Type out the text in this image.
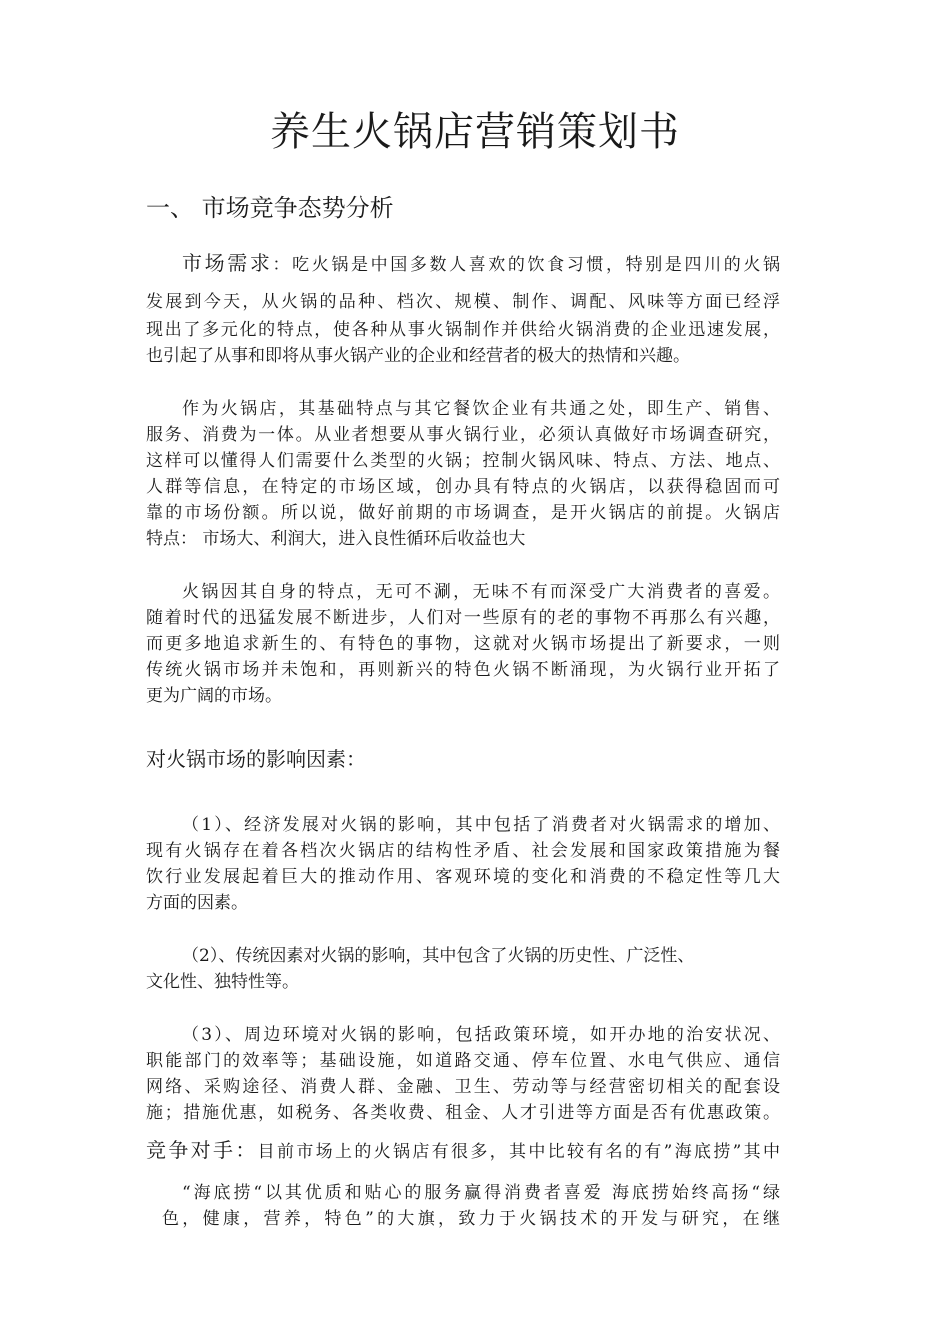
养生火锅店营销策划书
一、 市场竞争态势分析
市场需求：吃火锅是中国多数人喜欢的饮食习惯，特别是四川的火锅
发展到今天，从火锅的品种、档次、规模、制作、调配、风味等方面已经浮
现出了多元化的特点，使各种从事火锅制作并供给火锅消费的企业迅速发展，
也引起了从事和即将从事火锅产业的企业和经营者的极大的热情和兴趣。
作为火锅店，其基础特点与其它餐饮企业有共通之处，即生产、销售、
服务、消费为一体。从业者想要从事火锅行业，必须认真做好市场调查研究，
这样可以懂得人们需要什么类型的火锅；控制火锅风味、特点、方法、地点、
人群等信息，在特定的市场区域，创办具有特点的火锅店，以获得稳固而可
靠的市场份额。所以说，做好前期的市场调查，是开火锅店的前提。火锅店
特点： 市场大、利润大，进入良性循环后收益也大
火锅因其自身的特点，无可不涮，无味不有而深受广大消费者的喜爱。
随着时代的迅猛发展不断进步，人们对一些原有的老的事物不再那么有兴趣，
而更多地追求新生的、有特色的事物，这就对火锅市场提出了新要求，一则
传统火锅市场并未饱和，再则新兴的特色火锅不断涌现，为火锅行业开拓了
更为广阔的市场。
对火锅市场的影响因素：
（1）、经济发展对火锅的影响，其中包括了消费者对火锅需求的增加、
现有火锅存在着各档次火锅店的结构性矛盾、社会发展和国家政策措施为餐
饮行业发展起着巨大的推动作用、客观环境的变化和消费的不稳定性等几大
方面的因素。
（2）、传统因素对火锅的影响，其中包含了火锅的历史性、广泛性、
文化性、独特性等。
（3）、周边环境对火锅的影响，包括政策环境，如开办地的治安状况、
职能部门的效率等；基础设施，如道路交通、停车位置、水电气供应、通信
网络、采购途径、消费人群、金融、卫生、劳动等与经营密切相关的配套设
施；措施优惠，如税务、各类收费、租金、人才引进等方面是否有优惠政策。
竞争对手：目前市场上的火锅店有很多，其中比较有名的有”海底捞”其中
“海底捞“以其优质和贴心的服务赢得消费者喜爱 海底捞始终高扬“绿
色，健康，营养，特色”的大旗，致力于火锅技术的开发与研究，在继
